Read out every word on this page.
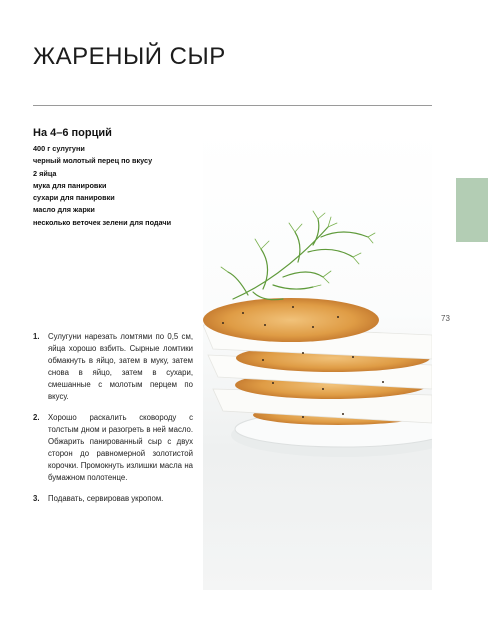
ЖАРЕНЫЙ СЫР
На 4–6 порций
400 г сулугуни
черный молотый перец по вкусу
2 яйца
мука для панировки
сухари для панировки
масло для жарки
несколько веточек зелени для подачи
1.	Сулугуни нарезать ломтями по 0,5 см, яйца хорошо взбить. Сырные ломтики обмакнуть в яйцо, затем в муку, затем снова в яйцо, затем в сухари, смешанные с молотым перцем по вкусу.
2.	Хорошо раскалить сковороду с толстым дном и разогреть в ней масло. Обжарить панированный сыр с двух сторон до равномерной золотистой корочки. Промокнуть излишки масла на бумажном полотенце.
3.	Подавать, сервировав укропом.
73
